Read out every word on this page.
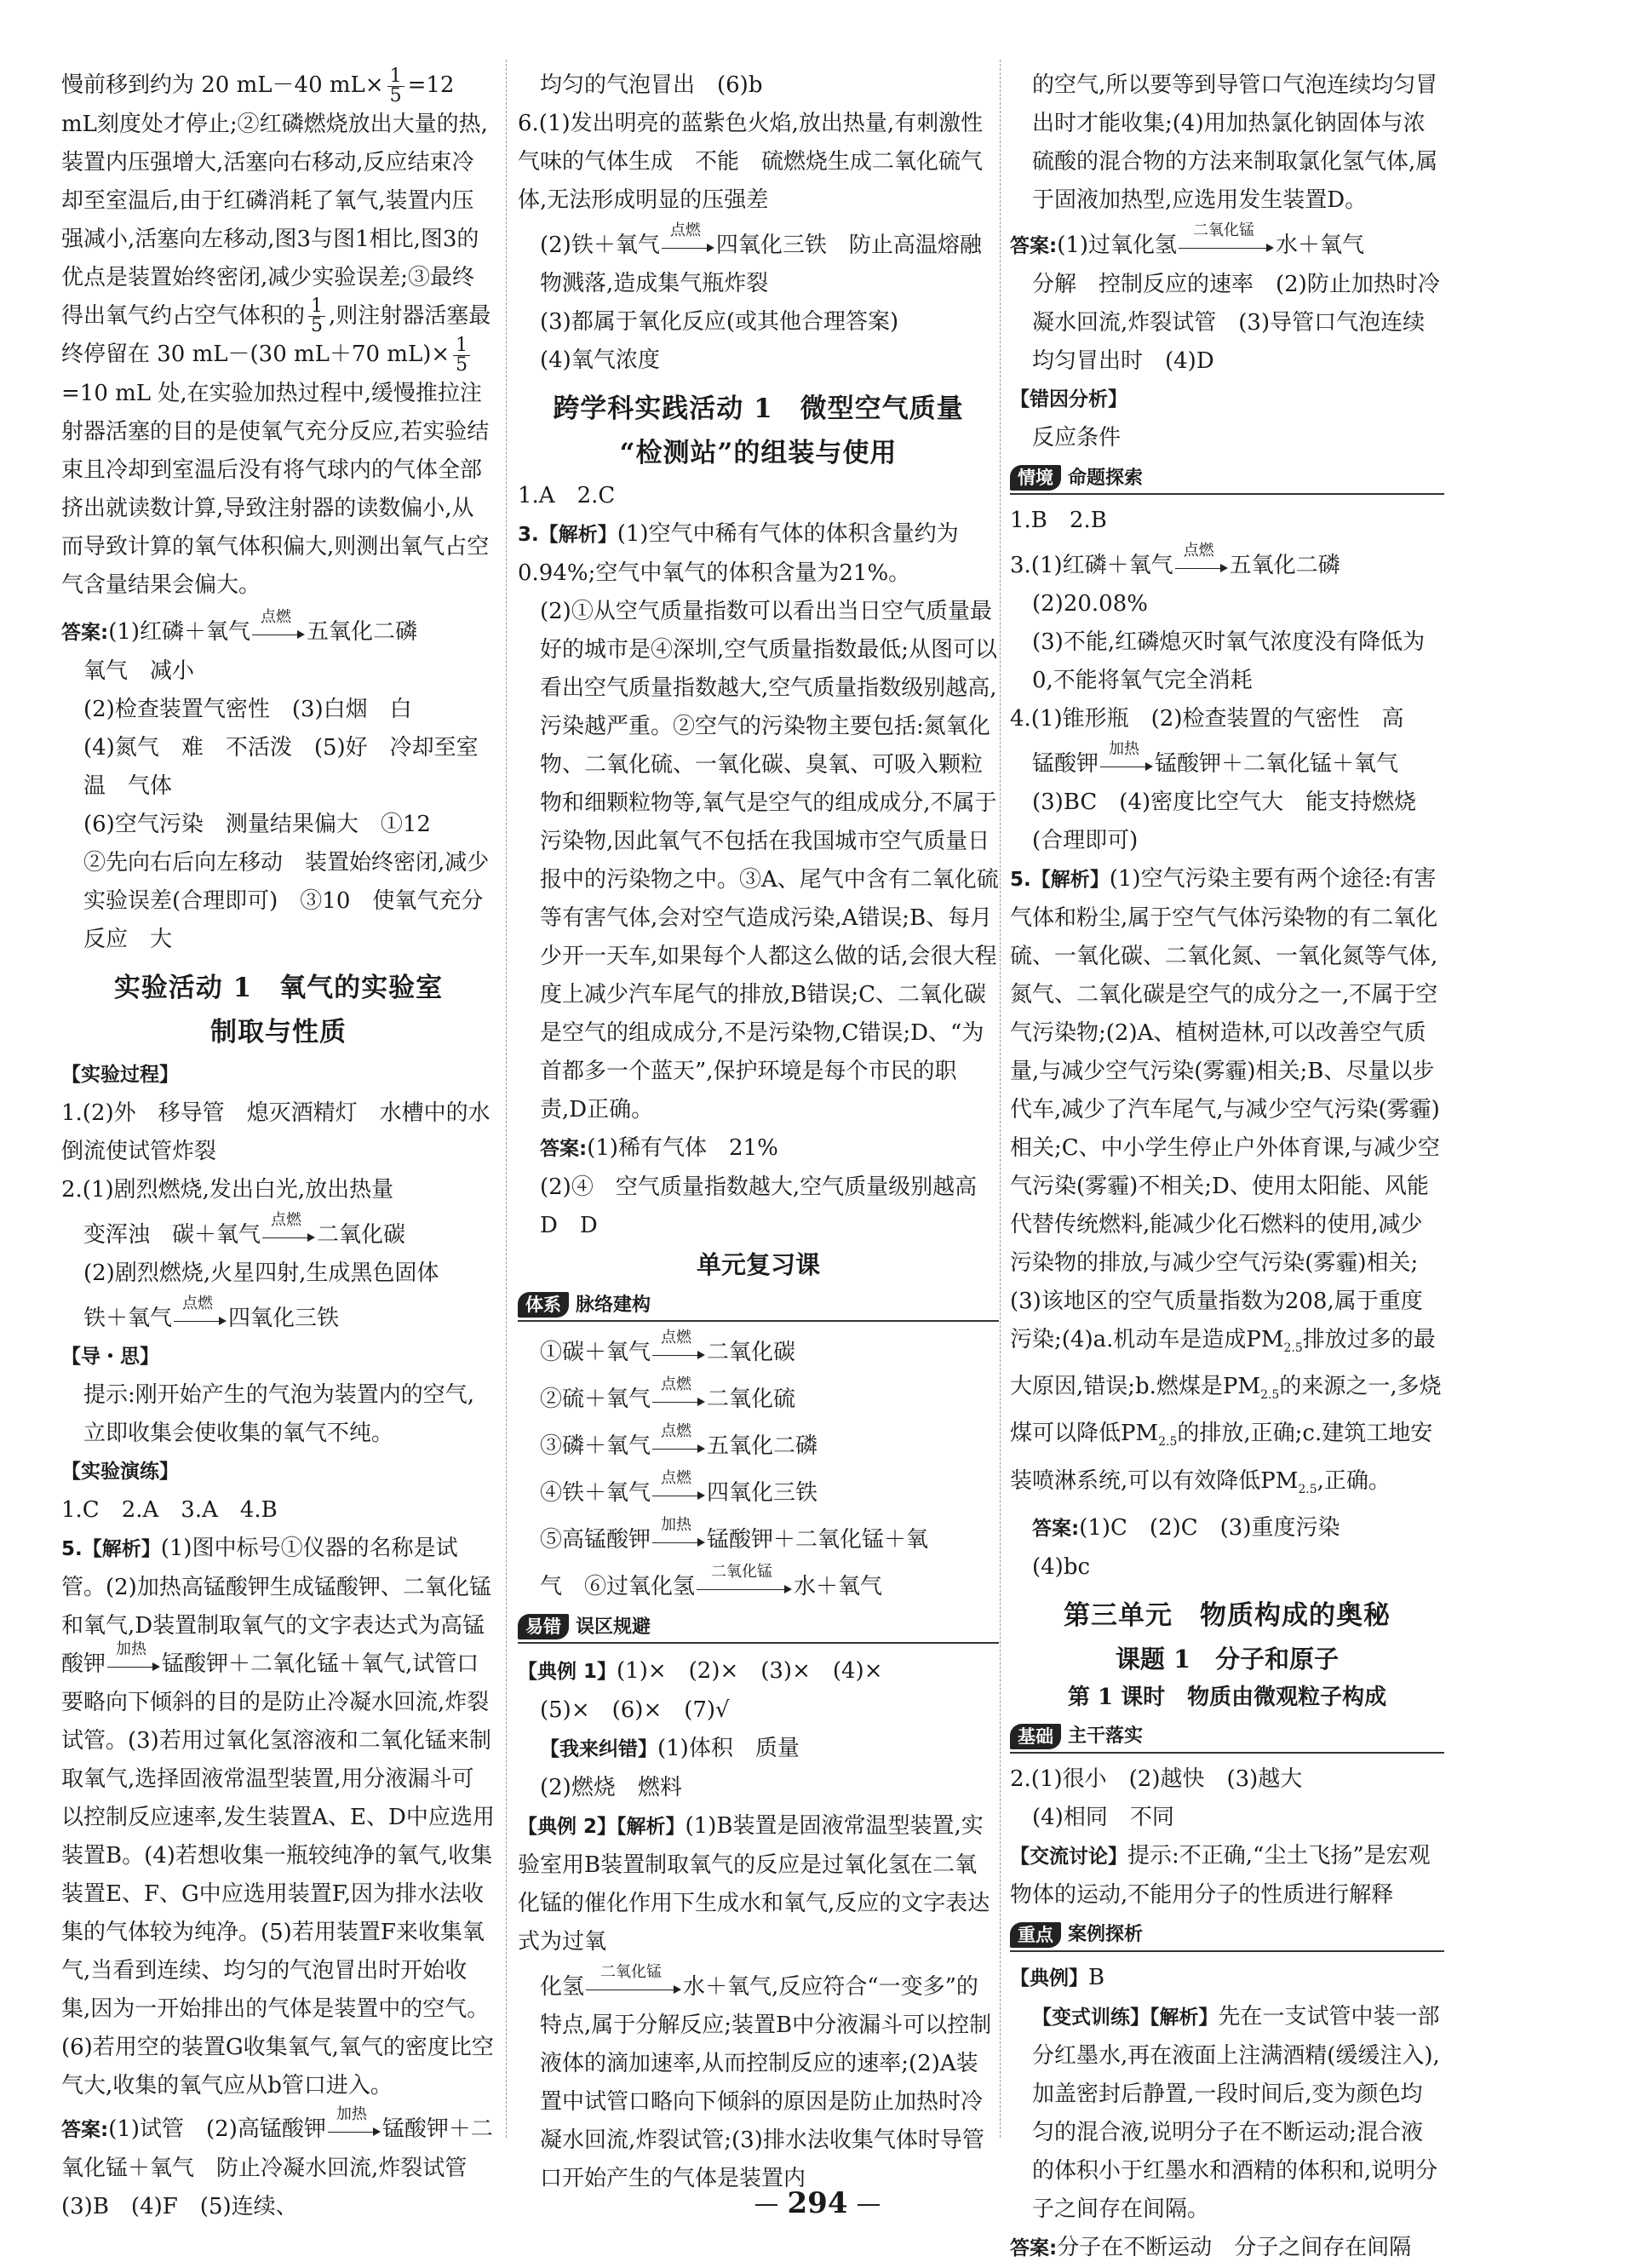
慢前移到约为 20 mL－40 $mL\times \frac{1}{5} =12$ mL刻度处才停止;②红磷燃烧放出大量的热,装置内压强增大,活塞向右移动,反应结束冷却至室温后,由于红磷消耗了氧气,装置内压强减小,活塞向左移动,图3与图1相比,图3的优点是装置始终密闭,减少实验误差;③最终得出氧气约占空气体积的 $\frac{1}{5}$ ,则注射器活塞最终停留在 30 mL－(30 mL＋70 $mL)\times \frac{1}{5}$
=10 mL 处,在实验加热过程中,缓慢推拉注射器活塞的目的是使氧气充分反应,若实验结束且冷却到室温后没有将气球内的气体全部挤出就读数计算,导致注射器的读数偏小,从而导致计算的氧气体积偏大,则测出氧气占空气含量结果会偏大。

答案:(1)红磷＋氧气
点燃
五氧化二磷

氧气　减小

(2)检查装置气密性　(3)白烟　白

(4)氮气　难　不活泼　(5)好　冷却至室温　气体

(6)空气污染　测量结果偏大　①12

②先向右后向左移动　装置始终密闭,减少实验误差(合理即可)　③10　使氧气充分反应　大

实验活动 1　氧气的实验室
制取与性质

【实验过程】

1.(2)外　移导管　熄灭酒精灯　水槽中的水倒流使试管炸裂

2.(1)剧烈燃烧,发出白光,放出热量

变浑浊　碳＋氧气
点燃
二氧化碳

(2)剧烈燃烧,火星四射,生成黑色固体

铁＋氧气
点燃
四氧化三铁

【导・思】

提示:刚开始产生的气泡为装置内的空气,立即收集会使收集的氧气不纯。

【实验演练】

1.C　2.A　3.A　4.B

5.【解析】(1)图中标号①仪器的名称是试管。(2)加热高锰酸钾生成锰酸钾、二氧化锰和氧气,D装置制取氧气的文字表达式为高锰酸钾
加热
锰酸钾＋二氧化锰＋氧气,试管口要略向下倾斜的目的是防止冷凝水回流,炸裂试管。(3)若用过氧化氢溶液和二氧化锰来制取氧气,选择固液常温型装置,用分液漏斗可以控制反应速率,发生装置A、E、D中应选用装置B。(4)若想收集一瓶较纯净的氧气,收集装置E、F、G中应选用装置F,因为排水法收集的气体较为纯净。(5)若用装置F来收集氧气,当看到连续、均匀的气泡冒出时开始收集,因为一开始排出的气体是装置中的空气。(6)若用空的装置G收集氧气,氧气的密度比空气大,收集的氧气应从b管口进入。

答案:(1)试管　(2)高锰酸钾
加热
锰酸钾＋二氧化锰＋氧气　防止冷凝水回流,炸裂试管　(3)B　(4)F　(5)连续、

均匀的气泡冒出　(6)b

6.(1)发出明亮的蓝紫色火焰,放出热量,有刺激性气味的气体生成　不能　硫燃烧生成二氧化硫气体,无法形成明显的压强差

(2)铁＋氧气
点燃
四氧化三铁　防止高温熔融物溅落,造成集气瓶炸裂

(3)都属于氧化反应(或其他合理答案)

(4)氧气浓度

跨学科实践活动 1　微型空气质量
“检测站”的组装与使用

1.A　2.C

3.【解析】(1)空气中稀有气体的体积含量约为 0.94%;空气中氧气的体积含量为21%。

(2)①从空气质量指数可以看出当日空气质量最好的城市是④深圳,空气质量指数最低;从图可以看出空气质量指数越大,空气质量指数级别越高,污染越严重。②空气的污染物主要包括:氮氧化物、二氧化硫、一氧化碳、臭氧、可吸入颗粒物和细颗粒物等,氧气是空气的组成成分,不属于污染物,因此氧气不包括在我国城市空气质量日报中的污染物之中。③A、尾气中含有二氧化硫等有害气体,会对空气造成污染,A错误;B、每月少开一天车,如果每个人都这么做的话,会很大程度上减少汽车尾气的排放,B错误;C、二氧化碳是空气的组成成分,不是污染物,C错误;D、“为首都多一个蓝天”,保护环境是每个市民的职责,D正确。

答案:(1)稀有气体　21%

(2)④　空气质量指数越大,空气质量级别越高　D　D

单元复习课
体系 脉络建构

①碳＋氧气
点燃
二氧化碳

②硫＋氧气
点燃
二氧化硫

③磷＋氧气
点燃
五氧化二磷

④铁＋氧气
点燃
四氧化三铁

⑤高锰酸钾
加热
锰酸钾＋二氧化锰＋氧

气　⑥过氧化氢
二氧化锰
水＋氧气

易错 误区规避

【典例 1】(1)×　(2)×　(3)×　(4)×

(5)×　(6)×　(7)√

【我来纠错】(1)体积　质量

(2)燃烧　燃料

【典例 2】【解析】(1)B装置是固液常温型装置,实验室用B装置制取氧气的反应是过氧化氢在二氧化锰的催化作用下生成水和氧气,反应的文字表达式为过氧

化氢
二氧化锰
水＋氧气,反应符合“一变多”的特点,属于分解反应;装置B中分液漏斗可以控制液体的滴加速率,从而控制反应的速率;(2)A装置中试管口略向下倾斜的原因是防止加热时冷凝水回流,炸裂试管;(3)排水法收集气体时导管口开始产生的气体是装置内

的空气,所以要等到导管口气泡连续均匀冒出时才能收集;(4)用加热氯化钠固体与浓硫酸的混合物的方法来制取氯化氢气体,属于固液加热型,应选用发生装置D。

答案:(1)过氧化氢
二氧化锰
水＋氧气

分解　控制反应的速率　(2)防止加热时冷凝水回流,炸裂试管　(3)导管口气泡连续均匀冒出时　(4)D

【错因分析】

反应条件

情境 命题探索

1.B　2.B

3.(1)红磷＋氧气
点燃
五氧化二磷

(2)20.08%

(3)不能,红磷熄灭时氧气浓度没有降低为0,不能将氧气完全消耗

4.(1)锥形瓶　(2)检查装置的气密性　高

锰酸钾
加热
锰酸钾＋二氧化锰＋氧气

(3)BC　(4)密度比空气大　能支持燃烧(合理即可)

5.【解析】(1)空气污染主要有两个途径:有害气体和粉尘,属于空气气体污染物的有二氧化硫、一氧化碳、二氧化氮、一氧化氮等气体,氮气、二氧化碳是空气的成分之一,不属于空气污染物;(2)A、植树造林,可以改善空气质量,与减少空气污染(雾霾)相关;B、尽量以步代车,减少了汽车尾气,与减少空气污染(雾霾)相关;C、中小学生停止户外体育课,与减少空气污染(雾霾)不相关;D、使用太阳能、风能代替传统燃料,能减少化石燃料的使用,减少污染物的排放,与减少空气污染(雾霾)相关;(3)该地区的空气质量指数为208,属于重度污染;(4)a.机动车是造成$PM_{2.5}$排放过多的最大原因,错误;b.燃煤是$PM_{2.5}$的来源之一,多烧煤可以降低$PM_{2.5}$的排放,正确;c.建筑工地安装喷淋系统,可以有效降低$PM_{2.5}$,正确。

答案:(1)C　(2)C　(3)重度污染

(4)bc

第三单元　物质构成的奥秘
课题 1　分子和原子
第 1 课时　物质由微观粒子构成
基础 主干落实

2.(1)很小　(2)越快　(3)越大

(4)相同　不同

【交流讨论】提示:不正确,“尘土飞扬”是宏观物体的运动,不能用分子的性质进行解释

重点 案例探析

【典例】B

【变式训练】【解析】先在一支试管中装一部分红墨水,再在液面上注满酒精(缓缓注入),加盖密封后静置,一段时间后,变为颜色均匀的混合液,说明分子在不断运动;混合液的体积小于红墨水和酒精的体积和,说明分子之间存在间隔。

答案:分子在不断运动　分子之间存在间隔

294
